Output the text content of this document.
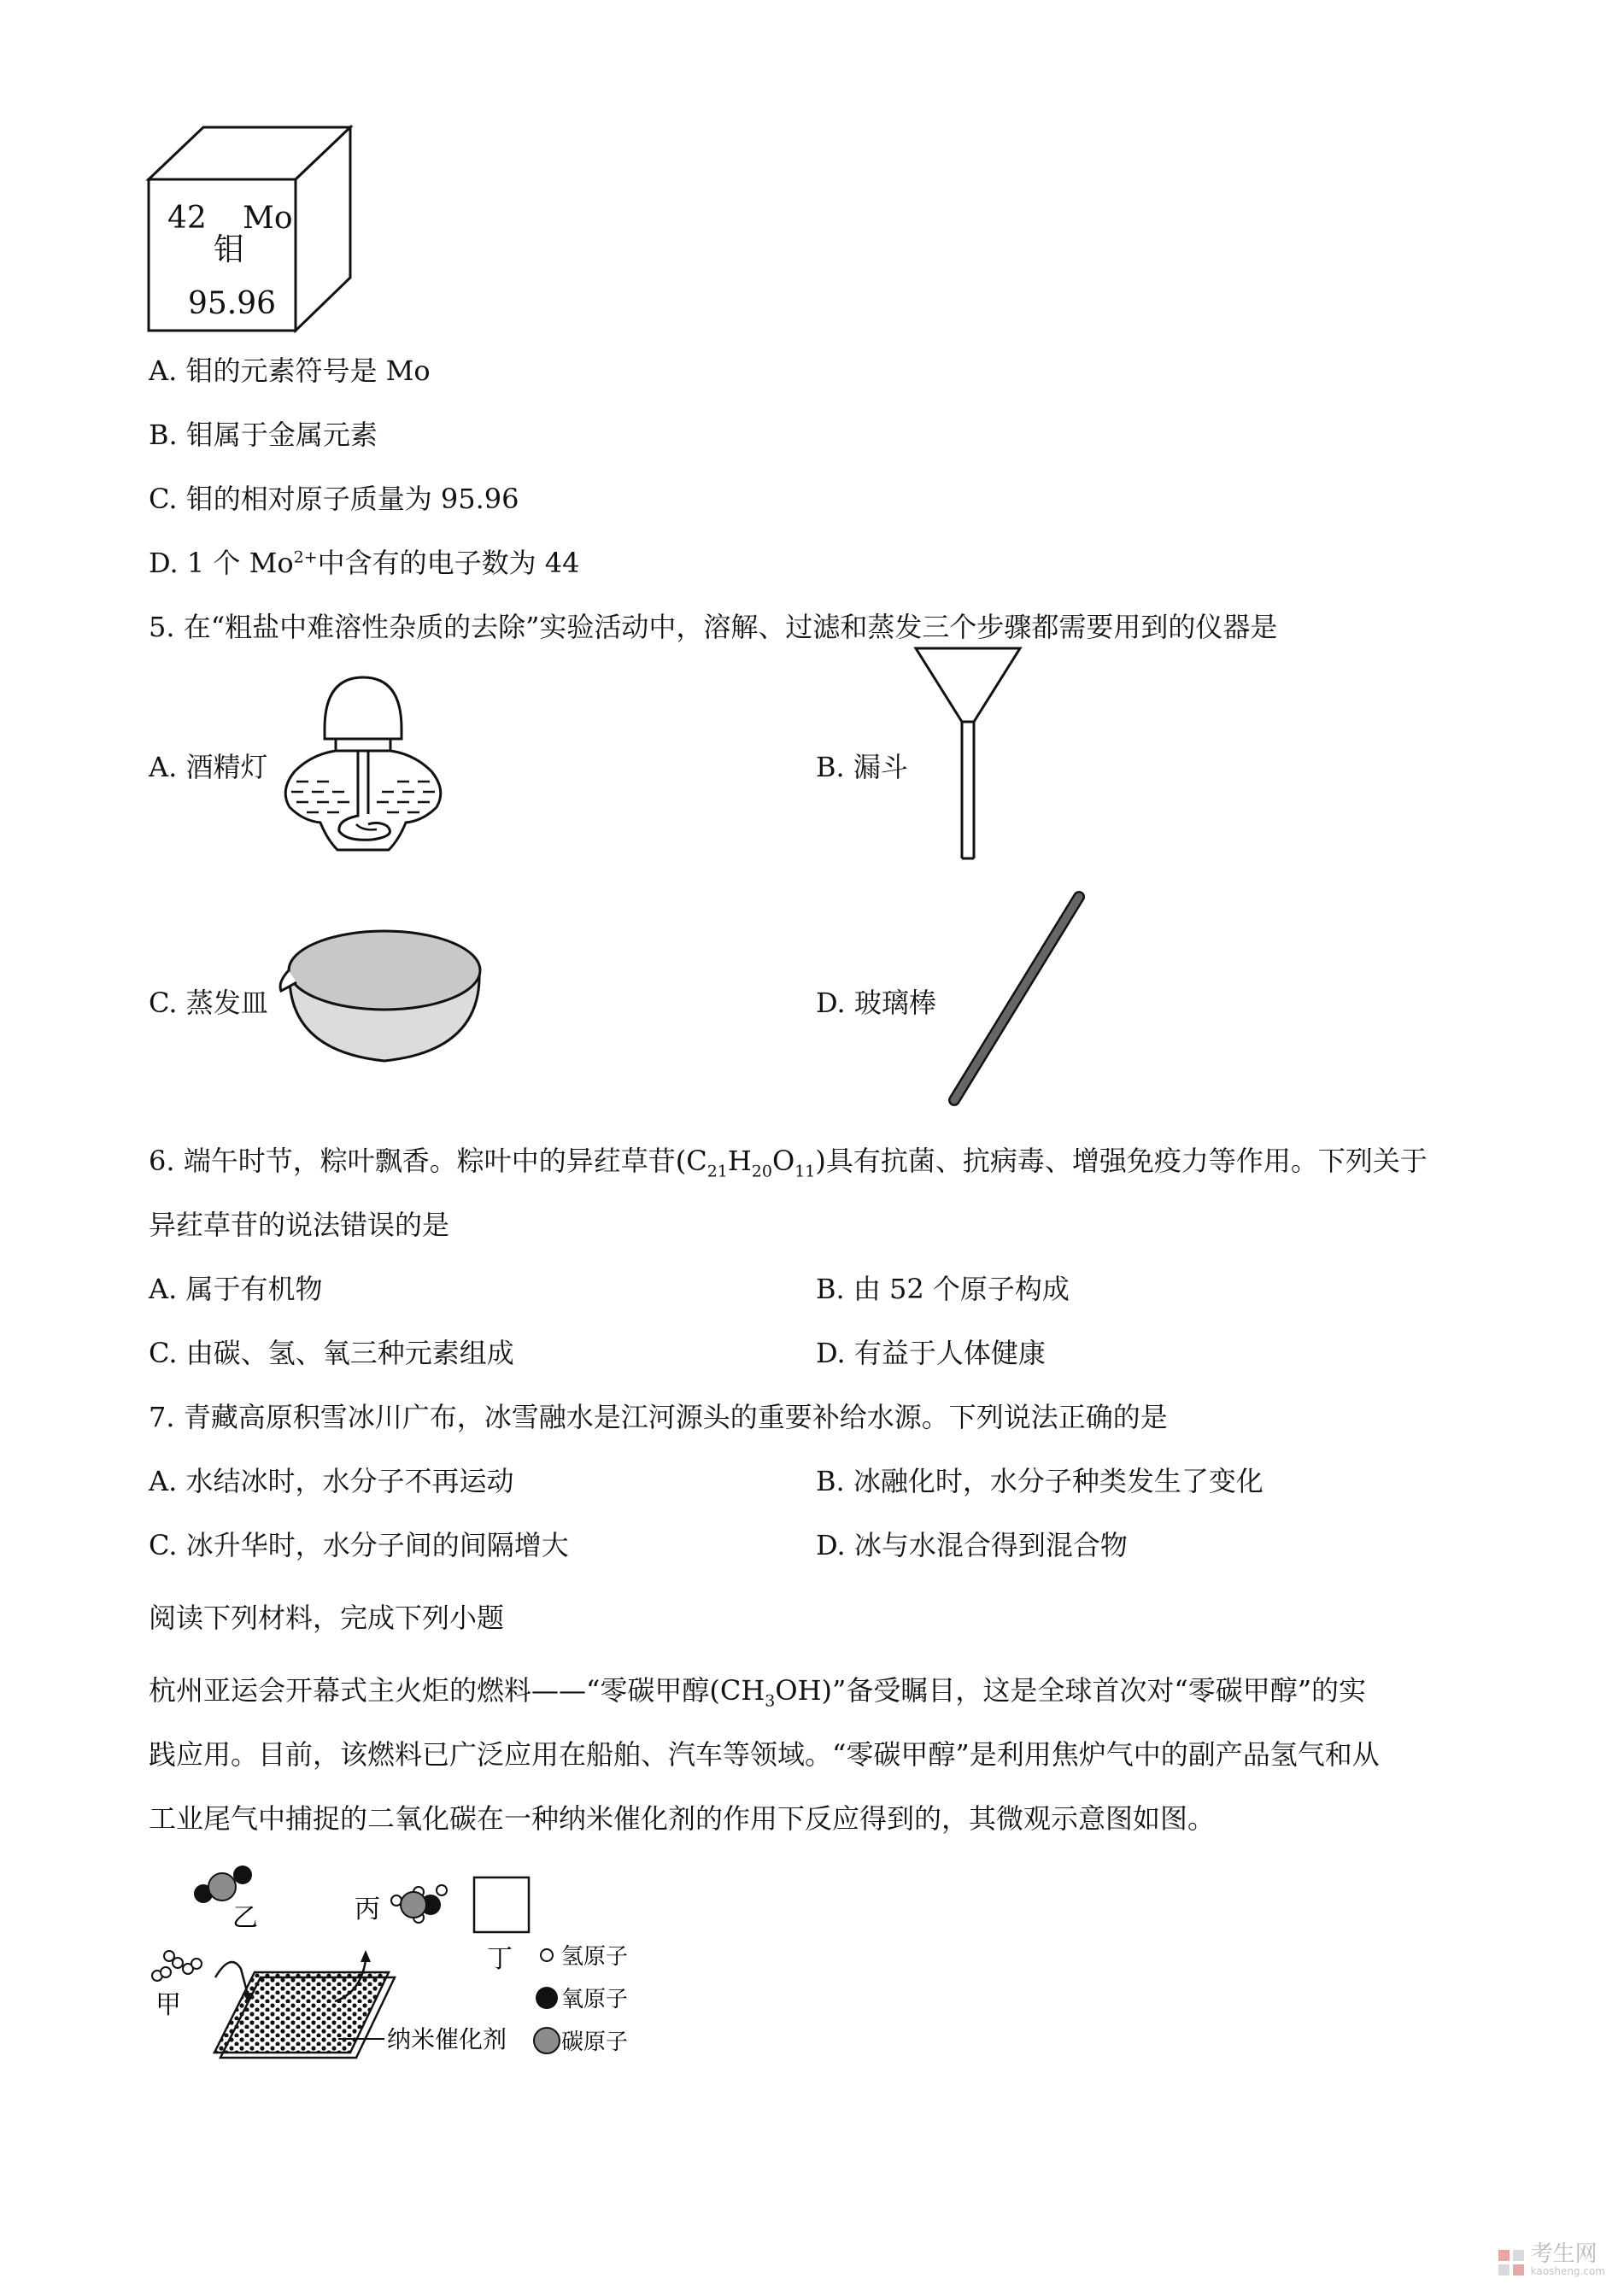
42 Mo
钼
95.96
A. 钼的元素符号是 Mo
B. 钼属于金属元素
C. 钼的相对原子质量为 95.96
D. 1 个 $Mo^{2+}$中含有的电子数为 44
5. 在“粗盐中难溶性杂质的去除”实验活动中，溶解、过滤和蒸发三个步骤都需要用到的仪器是
A. 酒精灯	B. 漏斗
C. 蒸发皿	D. 玻璃棒
6. 端午时节，粽叶飘香。粽叶中的异荭草苷$(C_{21}H_{20}O_{11})$具有抗菌、抗病毒、增强免疫力等作用。下列关于
异荭草苷的说法错误的是
A. 属于有机物	B. 由 52 个原子构成
C. 由碳、氢、氧三种元素组成	D. 有益于人体健康
7. 青藏高原积雪冰川广布，冰雪融水是江河源头的重要补给水源。下列说法正确的是
A. 水结冰时，水分子不再运动	B. 冰融化时，水分子种类发生了变化
C. 冰升华时，水分子间的间隔增大	D. 冰与水混合得到混合物
阅读下列材料，完成下列小题
杭州亚运会开幕式主火炬的燃料——“零碳甲醇$(CH_3OH)$”备受瞩目，这是全球首次对“零碳甲醇”的实
践应用。目前，该燃料已广泛应用在船舶、汽车等领域。“零碳甲醇”是利用焦炉气中的副产品氢气和从
工业尾气中捕捉的二氧化碳在一种纳米催化剂的作用下反应得到的，其微观示意图如图。
乙	丙
丁
甲
纳米催化剂
氢原子
氧原子
碳原子
考生网
kaosheng.com
